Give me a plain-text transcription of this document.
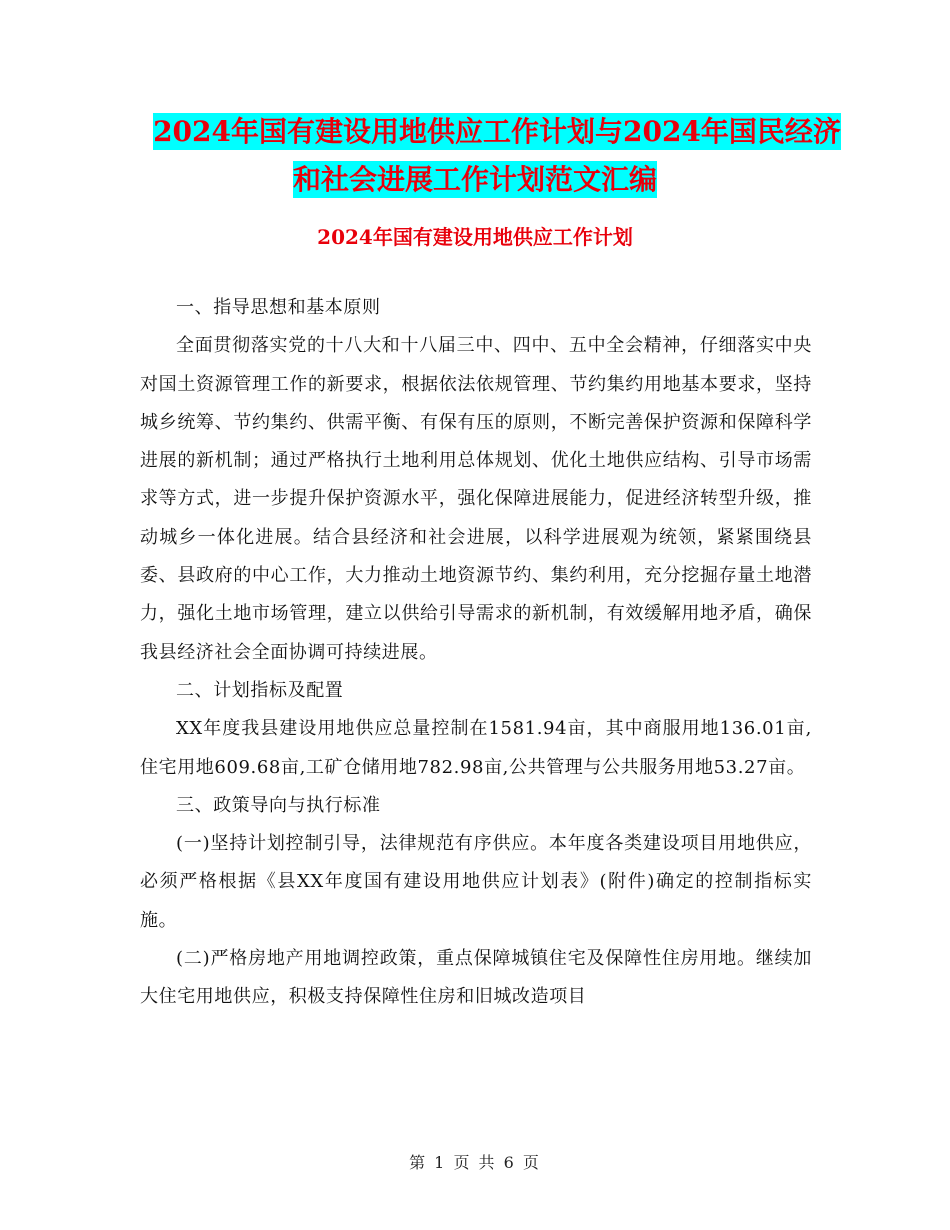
2024年国有建设用地供应工作计划与2024年国民经济
和社会进展工作计划范文汇编
2024年国有建设用地供应工作计划

一、指导思想和基本原则

全面贯彻落实党的十八大和十八届三中、四中、五中全会精神，仔细落实中央对国土资源管理工作的新要求，根据依法依规管理、节约集约用地基本要求，坚持城乡统筹、节约集约、供需平衡、有保有压的原则，不断完善保护资源和保障科学进展的新机制；通过严格执行土地利用总体规划、优化土地供应结构、引导市场需求等方式，进一步提升保护资源水平，强化保障进展能力，促进经济转型升级，推动城乡一体化进展。结合县经济和社会进展，以科学进展观为统领，紧紧围绕县委、县政府的中心工作，大力推动土地资源节约、集约利用，充分挖掘存量土地潜力，强化土地市场管理，建立以供给引导需求的新机制，有效缓解用地矛盾，确保我县经济社会全面协调可持续进展。

二、计划指标及配置

XX年度我县建设用地供应总量控制在1581.94亩，其中商服用地136.01亩,住宅用地609.68亩,工矿仓储用地782.98亩,公共管理与公共服务用地53.27亩。

三、政策导向与执行标准

(一)坚持计划控制引导，法律规范有序供应。本年度各类建设项目用地供应，必须严格根据《县XX年度国有建设用地供应计划表》(附件)确定的控制指标实施。

(二)严格房地产用地调控政策，重点保障城镇住宅及保障性住房用地。继续加大住宅用地供应，积极支持保障性住房和旧城改造项目

第 1 页 共 6 页
